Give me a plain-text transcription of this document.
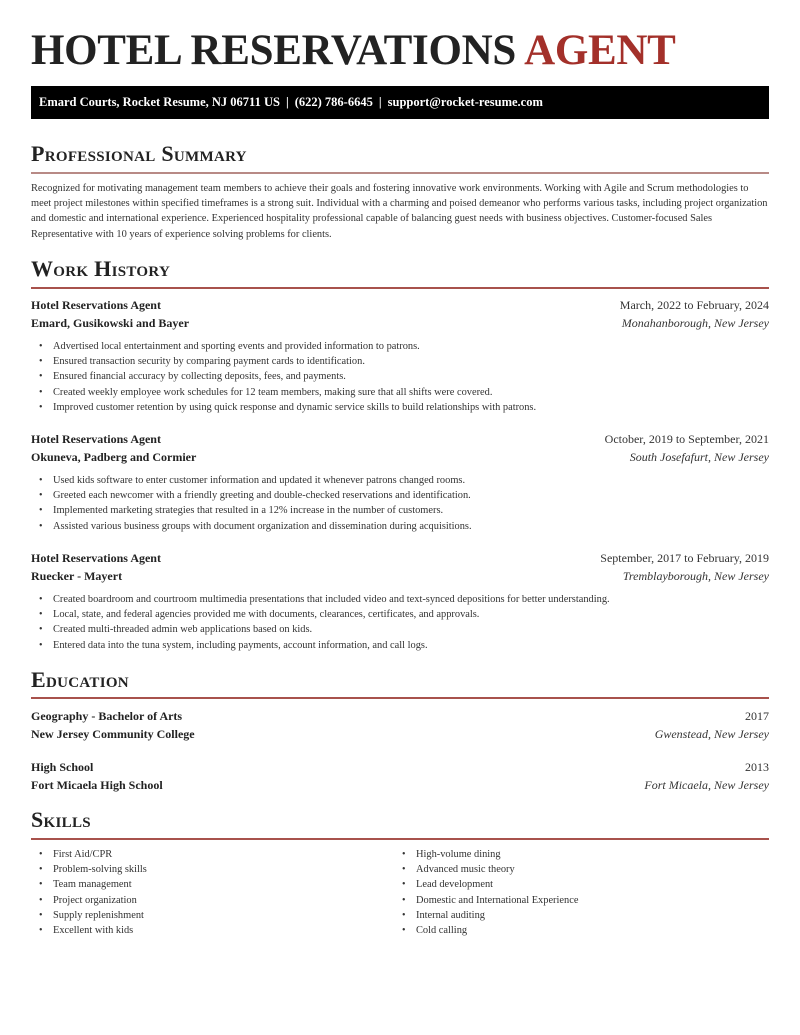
HOTEL RESERVATIONS AGENT
Emard Courts, Rocket Resume, NJ 06711 US | (622) 786-6645 | support@rocket-resume.com
Professional Summary

Recognized for motivating management team members to achieve their goals and fostering innovative work environments. Working with Agile and Scrum methodologies to meet project milestones within specified timeframes is a strong suit. Individual with a charming and poised demeanor who performs various tasks, including project organization and domestic and international experience. Experienced hospitality professional capable of balancing guest needs with business objectives. Customer-focused Sales Representative with 10 years of experience solving problems for clients.

Work History
Hotel Reservations Agent	March, 2022 to February, 2024
Emard, Gusikowski and Bayer	Monahanborough, New Jersey
• Advertised local entertainment and sporting events and provided information to patrons.
• Ensured transaction security by comparing payment cards to identification.
• Ensured financial accuracy by collecting deposits, fees, and payments.
• Created weekly employee work schedules for 12 team members, making sure that all shifts were covered.
• Improved customer retention by using quick response and dynamic service skills to build relationships with patrons.
Hotel Reservations Agent	October, 2019 to September, 2021
Okuneva, Padberg and Cormier	South Josefafurt, New Jersey
• Used kids software to enter customer information and updated it whenever patrons changed rooms.
• Greeted each newcomer with a friendly greeting and double-checked reservations and identification.
• Implemented marketing strategies that resulted in a 12% increase in the number of customers.
• Assisted various business groups with document organization and dissemination during acquisitions.
Hotel Reservations Agent	September, 2017 to February, 2019
Ruecker - Mayert	Tremblayborough, New Jersey
• Created boardroom and courtroom multimedia presentations that included video and text-synced depositions for better understanding.
• Local, state, and federal agencies provided me with documents, clearances, certificates, and approvals.
• Created multi-threaded admin web applications based on kids.
• Entered data into the tuna system, including payments, account information, and call logs.
Education
Geography - Bachelor of Arts	2017
New Jersey Community College	Gwenstead, New Jersey
High School	2013
Fort Micaela High School	Fort Micaela, New Jersey
Skills
• First Aid/CPR
• Problem-solving skills
• Team management
• Project organization
• Supply replenishment
• Excellent with kids
• High-volume dining
• Advanced music theory
• Lead development
• Domestic and International Experience
• Internal auditing
• Cold calling
